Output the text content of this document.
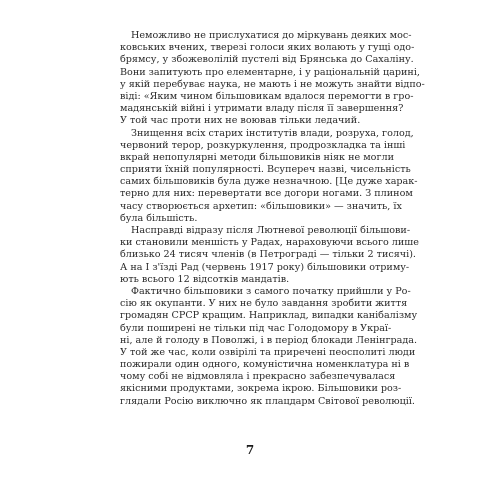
Неможливо не прислухатися до міркувань деяких мос-
ковських вчених, тверезі голоси яких волають у гущі одо-
брямсу, у збожеволілій пустелі від Брянська до Сахаліну.
Вони запитують про елементарне, і у раціональній царині,
у якій перебуває наука, не мають і не можуть знайти відпо-
віді: «Яким чином більшовикам вдалося перемогти в гро-
мадянській війні і утримати владу після її завершення?
У той час проти них не воював тільки ледачий.
Знищення всіх старих інститутів влади, розруха, голод,
червоний терор, розкуркулення, продрозкладка та інші
вкрай непопулярні методи більшовиків ніяк не могли
сприяти їхній популярності. Всупереч назві, чисельність
самих більшовиків була дуже незначною. [Це дуже харак-
терно для них: перевертати все догори ногами. З плином
часу створюється архетип: «більшовики» — значить, їх
була більшість.
Насправді відразу після Лютневої революції більшови-
ки становили меншість у Радах, нараховуючи всього лише
близько 24 тисяч членів (в Петрограді — тільки 2 тисячі).
А на І з'їзді Рад (червень 1917 року) більшовики отриму-
ють всього 12 відсотків мандатів.
Фактично більшовики з самого початку прийшли у Ро-
сію як окупанти. У них не було завдання зробити життя
громадян СРСР кращим. Наприклад, випадки канібалізму
були поширені не тільки під час Голодомору в Украї-
ні, але й голоду в Поволжі, і в період блокади Ленінграда.
У той же час, коли озвірілі та приречені пеосполиті люди
пожирали один одного, комуністична номенклатура ні в
чому собі не відмовляла і прекрасно забезпечувалася
якісними продуктами, зокрема ікрою. Більшовики роз-
глядали Росію виключно як плацдарм Світової революції.
7
